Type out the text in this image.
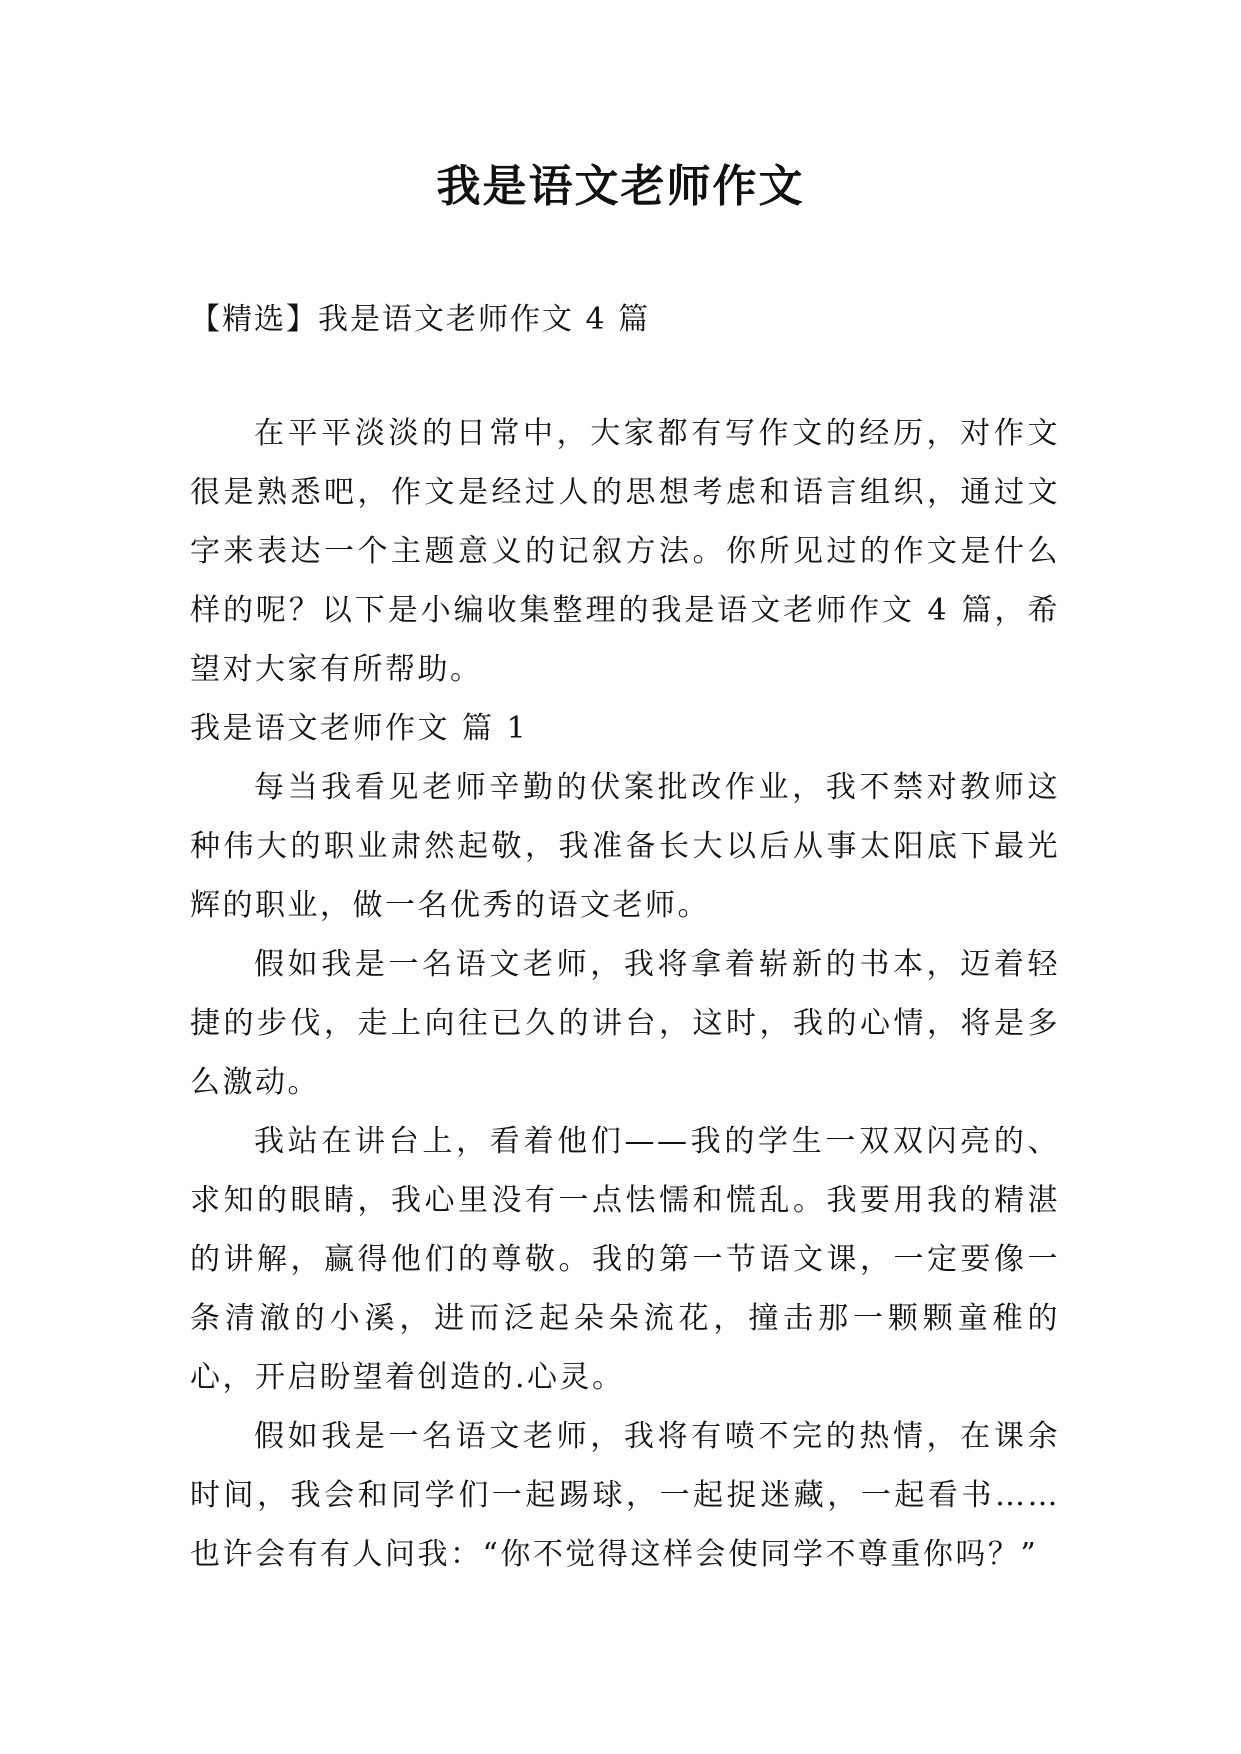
我是语文老师作文
【精选】我是语文老师作文 4 篇

在平平淡淡的日常中，大家都有写作文的经历，对作文很是熟悉吧，作文是经过人的思想考虑和语言组织，通过文字来表达一个主题意义的记叙方法。你所见过的作文是什么样的呢？以下是小编收集整理的我是语文老师作文 4 篇，希望对大家有所帮助。

我是语文老师作文 篇 1

每当我看见老师辛勤的伏案批改作业，我不禁对教师这种伟大的职业肃然起敬，我准备长大以后从事太阳底下最光辉的职业，做一名优秀的语文老师。

假如我是一名语文老师，我将拿着崭新的书本，迈着轻捷的步伐，走上向往已久的讲台，这时，我的心情，将是多么激动。

我站在讲台上，看着他们——我的学生一双双闪亮的、求知的眼睛，我心里没有一点怯懦和慌乱。我要用我的精湛的讲解，赢得他们的尊敬。我的第一节语文课，一定要像一条清澈的小溪，进而泛起朵朵流花，撞击那一颗颗童稚的心，开启盼望着创造的.心灵。

假如我是一名语文老师，我将有喷不完的热情，在课余时间，我会和同学们一起踢球，一起捉迷藏，一起看书……也许会有有人问我：“你不觉得这样会使同学不尊重你吗？”
